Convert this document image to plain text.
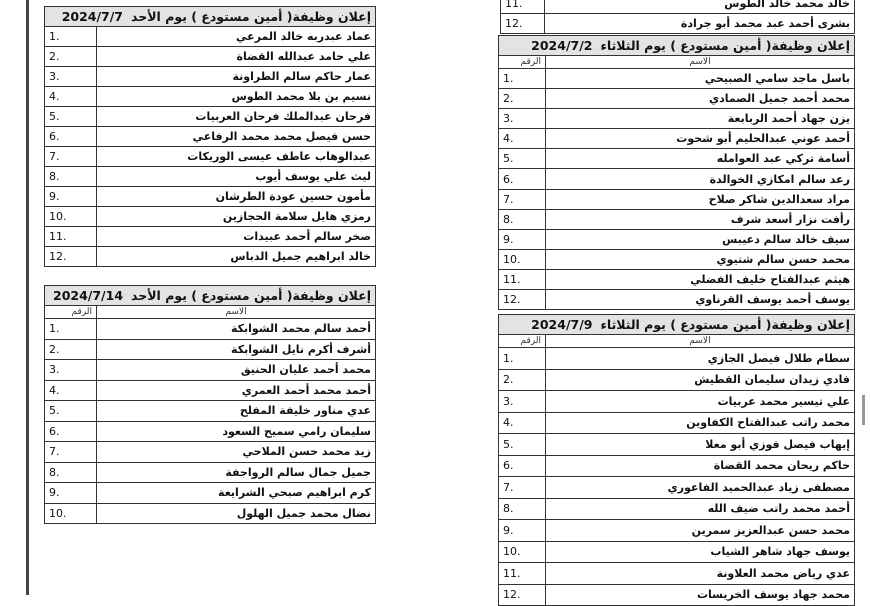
خالد محمد خالد الطوس	11.
بشرى أحمد عبد محمد أبو جرادة	12.
إعلان وظيفة( أمين مستودع ) يوم الأحد2024/7/7	
عماد عبدربه خالد المرعي	1.
علي حامد عبدالله القضاة	2.
عمار حاكم سالم الطراونة	3.
نسيم بن بلا محمد الطوس	4.
فرحان عبدالملك فرحان العربيات	5.
حسن فيصل محمد محمد الرفاعي	6.
عبدالوهاب عاطف عيسى الوريكات	7.
ليث علي يوسف أيوب	8.
مأمون حسين عودة الطرشان	9.
رمزي هايل سلامة الحجازين	10.
صخر سالم أحمد عبيدات	11.
خالد ابراهيم جميل الدباس	12.
إعلان وظيفة( أمين مستودع ) يوم الأحد2024/7/14	
الاسم	الرقم
أحمد سالم محمد الشوابكة	1.
أشرف أكرم نايل الشوابكة	2.
محمد أحمد عليان الحنيق	3.
أحمد محمد أحمد العمري	4.
عدي مناور خليفة المفلح	5.
سليمان رامي سميح السعود	6.
زيد محمد حسن الملاحي	7.
جميل جمال سالم الرواجفة	8.
كرم ابراهيم صبحي الشرايعة	9.
نضال محمد جميل الهلول	10.
إعلان وظيفة( أمين مستودع ) يوم الثلاثاء2024/7/2	
الاسم	الرقم
باسل ماجد سامي الصبيحي	1.
محمد أحمد جميل الصمادي	2.
يزن جهاد أحمد الربابعة	3.
أحمد عوني عبدالحليم أبو شحوت	4.
أسامة تركي عبد العوامله	5.
رعد سالم امكازي الخوالدة	6.
مراد سعدالدين شاكر صلاح	7.
رأفت نزار أسعد شرف	8.
سيف خالد سالم دعيبس	9.
محمد حسن سالم شتيوي	10.
هيثم عبدالفتاح خليف الفضلي	11.
يوسف أحمد يوسف القرناوي	12.
إعلان وظيفة( أمين مستودع ) يوم الثلاثاء2024/7/9	
الاسم	الرقم
سطام طلال فيصل الجازي	1.
فادي زيدان سليمان القطيش	2.
علي تيسير محمد عربيات	3.
محمد راتب عبدالفتاح الكفاوين	4.
إيهاب فيصل فوزي أبو معلا	5.
حاكم ريحان محمد القضاة	6.
مصطفى زياد عبدالحميد الفاعوري	7.
أحمد محمد راتب ضيف الله	8.
محمد حسن عبدالعزيز سمرين	9.
يوسف جهاد شاهر الشياب	10.
عدي رياض محمد العلاونة	11.
محمد جهاد يوسف الخريسات	12.
